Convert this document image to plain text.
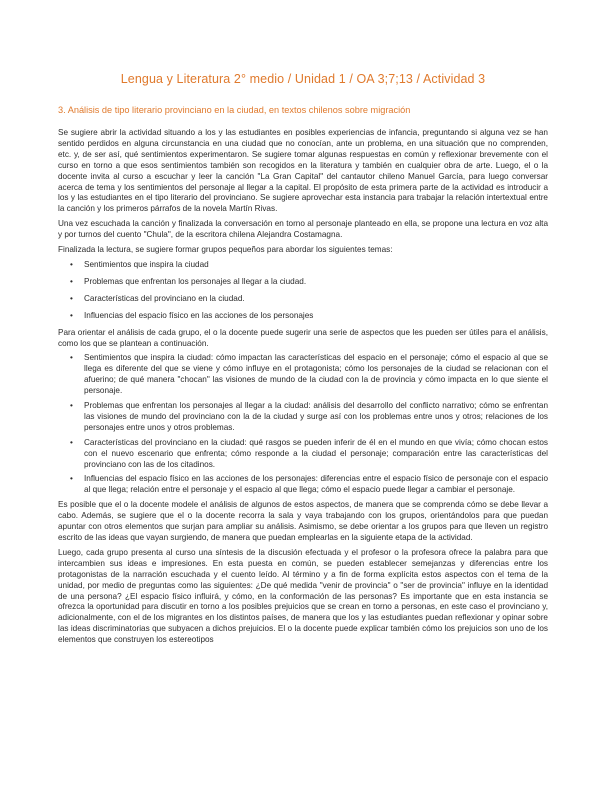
Lengua y Literatura 2° medio / Unidad 1 / OA 3;7;13 / Actividad 3
3. Análisis de tipo literario provinciano en la ciudad, en textos chilenos sobre migración

Se sugiere abrir la actividad situando a los y las estudiantes en posibles experiencias de infancia, preguntando si alguna vez se han sentido perdidos en alguna circunstancia en una ciudad que no conocían, ante un problema, en una situación que no comprenden, etc. y, de ser así, qué sentimientos experimentaron. Se sugiere tomar algunas respuestas en común y reflexionar brevemente con el curso en torno a que esos sentimientos también son recogidos en la literatura y también en cualquier obra de arte. Luego, el o la docente invita al curso a escuchar y leer la canción "La Gran Capital" del cantautor chileno Manuel García, para luego conversar acerca de tema y los sentimientos del personaje al llegar a la capital. El propósito de esta primera parte de la actividad es introducir a los y las estudiantes en el tipo literario del provinciano. Se sugiere aprovechar esta instancia para trabajar la relación intertextual entre la canción y los primeros párrafos de la novela Martín Rivas.

Una vez escuchada la canción y finalizada la conversación en torno al personaje planteado en ella, se propone una lectura en voz alta y por turnos del cuento "Chula", de la escritora chilena Alejandra Costamagna.

Finalizada la lectura, se sugiere formar grupos pequeños para abordar los siguientes temas:

• Sentimientos que inspira la ciudad
• Problemas que enfrentan los personajes al llegar a la ciudad.
• Características del provinciano en la ciudad.
• Influencias del espacio físico en las acciones de los personajes

Para orientar el análisis de cada grupo, el o la docente puede sugerir una serie de aspectos que les pueden ser útiles para el análisis, como los que se plantean a continuación.

• Sentimientos que inspira la ciudad: cómo impactan las características del espacio en el personaje; cómo el espacio al que se llega es diferente del que se viene y cómo influye en el protagonista; cómo los personajes de la ciudad se relacionan con el afuerino; de qué manera "chocan" las visiones de mundo de la ciudad con la de provincia y cómo impacta en lo que siente el personaje.
• Problemas que enfrentan los personajes al llegar a la ciudad: análisis del desarrollo del conflicto narrativo; cómo se enfrentan las visiones de mundo del provinciano con la de la ciudad y surge así con los problemas entre unos y otros; relaciones de los personajes entre unos y otros problemas.
• Características del provinciano en la ciudad: qué rasgos se pueden inferir de él en el mundo en que vivía; cómo chocan estos con el nuevo escenario que enfrenta; cómo responde a la ciudad el personaje; comparación entre las características del provinciano con las de los citadinos.
• Influencias del espacio físico en las acciones de los personajes: diferencias entre el espacio físico de personaje con el espacio al que llega; relación entre el personaje y el espacio al que llega; cómo el espacio puede llegar a cambiar el personaje.

Es posible que el o la docente modele el análisis de algunos de estos aspectos, de manera que se comprenda cómo se debe llevar a cabo. Además, se sugiere que el o la docente recorra la sala y vaya trabajando con los grupos, orientándolos para que puedan apuntar con otros elementos que surjan para ampliar su análisis. Asimismo, se debe orientar a los grupos para que lleven un registro escrito de las ideas que vayan surgiendo, de manera que puedan emplearlas en la siguiente etapa de la actividad.

Luego, cada grupo presenta al curso una síntesis de la discusión efectuada y el profesor o la profesora ofrece la palabra para que intercambien sus ideas e impresiones. En esta puesta en común, se pueden establecer semejanzas y diferencias entre los protagonistas de la narración escuchada y el cuento leído. Al término y a fin de forma explícita estos aspectos con el tema de la unidad, por medio de preguntas como las siguientes: ¿De qué medida "venir de provincia" o "ser de provincia" influye en la identidad de una persona? ¿El espacio físico influirá, y cómo, en la conformación de las personas? Es importante que en esta instancia se ofrezca la oportunidad para discutir en torno a los posibles prejuicios que se crean en torno a personas, en este caso el provinciano y, adicionalmente, con el de los migrantes en los distintos países, de manera que los y las estudiantes puedan reflexionar y opinar sobre las ideas discriminatorias que subyacen a dichos prejuicios. El o la docente puede explicar también cómo los prejuicios son uno de los elementos que construyen los estereotipos
